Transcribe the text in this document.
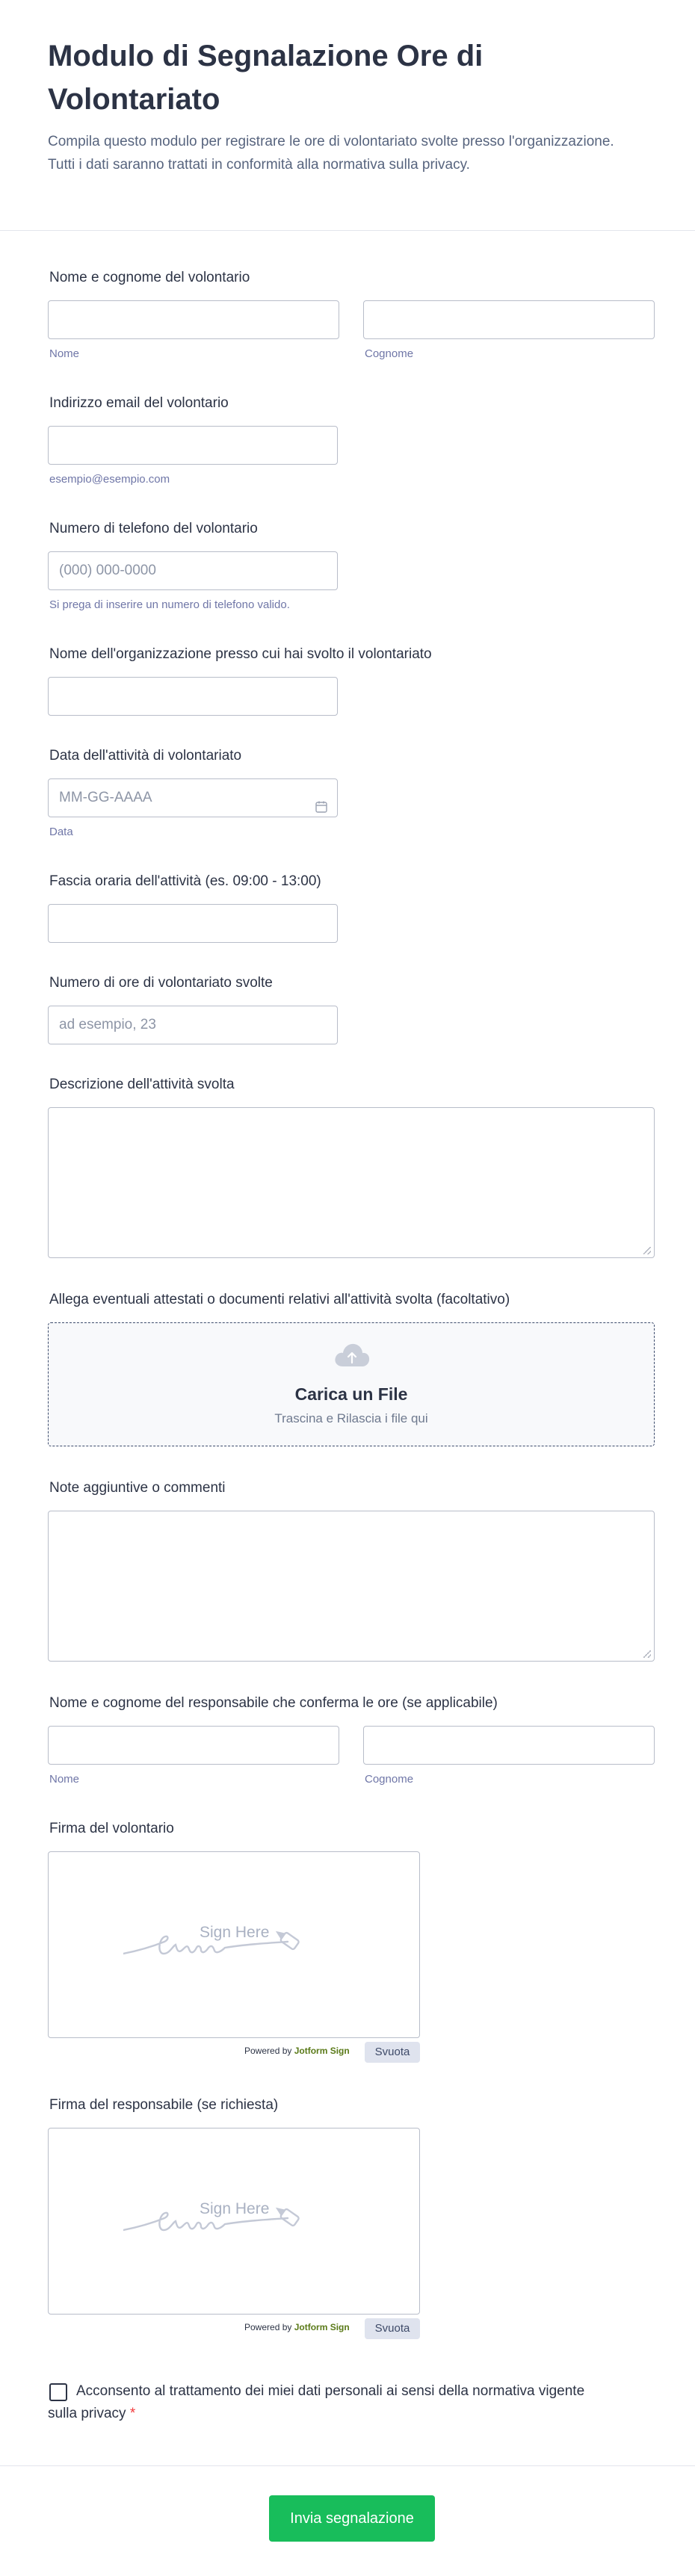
Modulo di Segnalazione Ore di Volontariato

Compila questo modulo per registrare le ore di volontariato svolte presso l'organizzazione. Tutti i dati saranno trattati in conformità alla normativa sulla privacy.

Nome e cognome del volontario
Nome	Cognome
Indirizzo email del volontario
esempio@esempio.com
Numero di telefono del volontario
(000) 000-0000
Si prega di inserire un numero di telefono valido.
Nome dell'organizzazione presso cui hai svolto il volontariato
Data dell'attività di volontariato
MM-GG-AAAA
Data
Fascia oraria dell'attività (es. 09:00 - 13:00)
Numero di ore di volontariato svolte
ad esempio, 23
Descrizione dell'attività svolta
Allega eventuali attestati o documenti relativi all'attività svolta (facoltativo)
Carica un File
Trascina e Rilascia i file qui
Note aggiuntive o commenti
Nome e cognome del responsabile che conferma le ore (se applicabile)
Nome	Cognome
Firma del volontario
Sign Here
Powered by Jotform Sign	Svuota
Firma del responsabile (se richiesta)
Sign Here
Powered by Jotform Sign	Svuota
Acconsento al trattamento dei miei dati personali ai sensi della normativa vigente sulla privacy *
Invia segnalazione
